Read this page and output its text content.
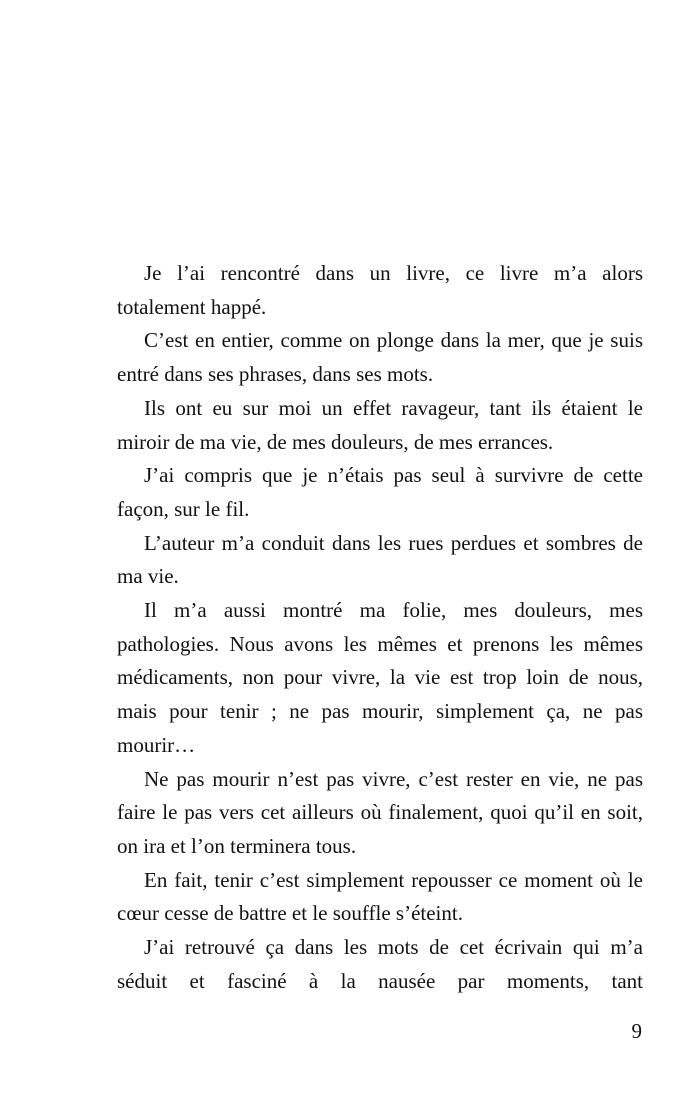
Je l’ai rencontré dans un livre, ce livre m’a alors totalement happé.

C’est en entier, comme on plonge dans la mer, que je suis entré dans ses phrases, dans ses mots.

Ils ont eu sur moi un effet ravageur, tant ils étaient le miroir de ma vie, de mes douleurs, de mes errances.

J’ai compris que je n’étais pas seul à survivre de cette façon, sur le fil.

L’auteur m’a conduit dans les rues perdues et sombres de ma vie.

Il m’a aussi montré ma folie, mes douleurs, mes pathologies. Nous avons les mêmes et prenons les mêmes médicaments, non pour vivre, la vie est trop loin de nous, mais pour tenir ; ne pas mourir, simplement ça, ne pas mourir…

Ne pas mourir n’est pas vivre, c’est rester en vie, ne pas faire le pas vers cet ailleurs où finalement, quoi qu’il en soit, on ira et l’on terminera tous.

En fait, tenir c’est simplement repousser ce moment où le cœur cesse de battre et le souffle s’éteint.

J’ai retrouvé ça dans les mots de cet écrivain qui m’a séduit et fasciné à la nausée par moments, tant

9
